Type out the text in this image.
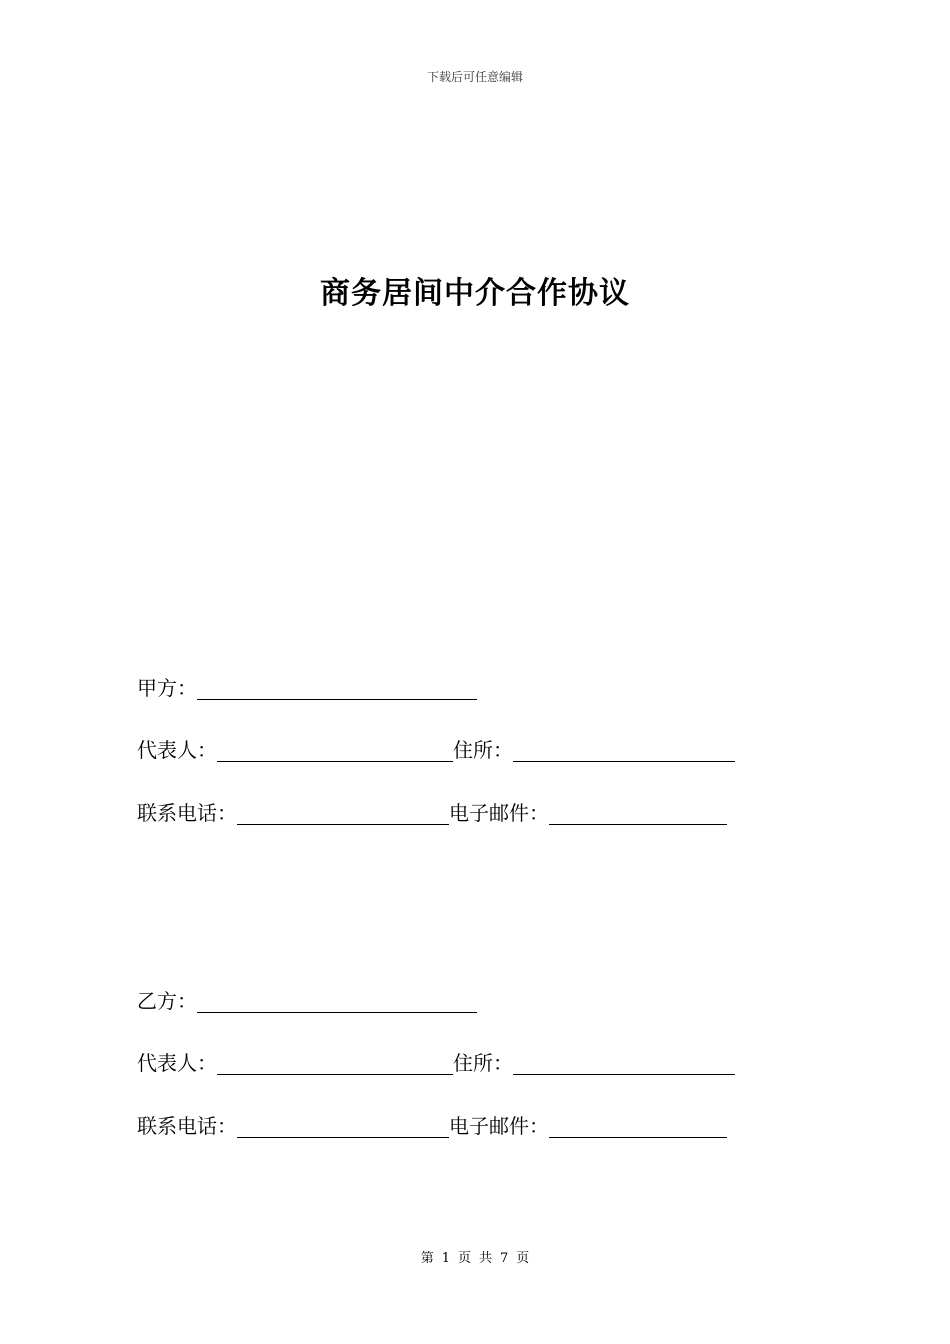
下载后可任意编辑
商务居间中介合作协议
甲方：
代表人：	住所：
联系电话：	电子邮件：
乙方：
代表人：	住所：
联系电话：	电子邮件：
第 1 页 共 7 页
